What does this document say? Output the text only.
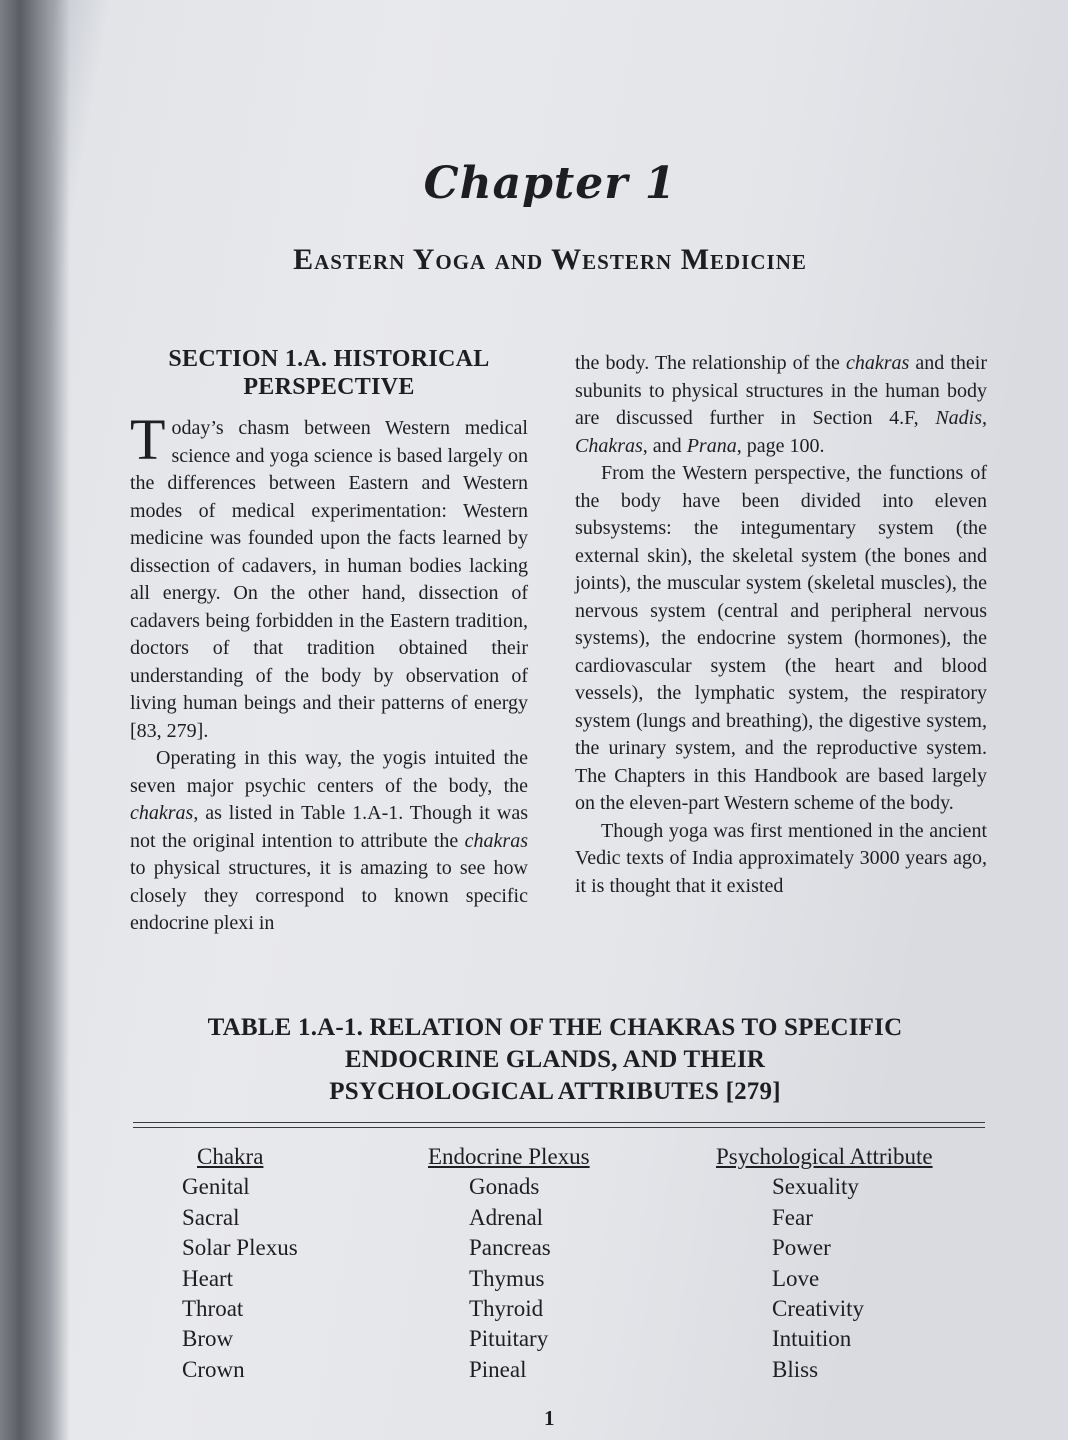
Chapter 1
Eastern Yoga and Western Medicine
SECTION 1.A. HISTORICAL
PERSPECTIVE

Today’s chasm between Western medical science and yoga science is based largely on the differences between Eastern and Western modes of medical experimentation: Western medicine was founded upon the facts learned by dissection of cadavers, in human bodies lacking all energy. On the other hand, dissection of cadavers being forbidden in the Eastern tradition, doctors of that tradition obtained their understanding of the body by observation of living human beings and their patterns of energy [83, 279].

Operating in this way, the yogis intuited the seven major psychic centers of the body, the chakras, as listed in Table 1.A-1. Though it was not the original intention to attribute the chakras to physical structures, it is amazing to see how closely they correspond to known specific endocrine plexi in

the body. The relationship of the chakras and their subunits to physical structures in the human body are discussed further in Section 4.F, Nadis, Chakras, and Prana, page 100.

From the Western perspective, the functions of the body have been divided into eleven subsystems: the integumentary system (the external skin), the skeletal system (the bones and joints), the muscular system (skeletal muscles), the nervous system (central and peripheral nervous systems), the endocrine system (hormones), the cardiovascular system (the heart and blood vessels), the lymphatic system, the respiratory system (lungs and breathing), the digestive system, the urinary system, and the reproductive system. The Chapters in this Handbook are based largely on the eleven-part Western scheme of the body.

Though yoga was first mentioned in the ancient Vedic texts of India approximately 3000 years ago, it is thought that it existed

TABLE 1.A-1. RELATION OF THE CHAKRAS TO SPECIFIC
ENDOCRINE GLANDS, AND THEIR
PSYCHOLOGICAL ATTRIBUTES [279]
Chakra
Genital
Sacral
Solar Plexus
Heart
Throat
Brow
Crown
Endocrine Plexus
Gonads
Adrenal
Pancreas
Thymus
Thyroid
Pituitary
Pineal
Psychological Attribute
Sexuality
Fear
Power
Love
Creativity
Intuition
Bliss
1
